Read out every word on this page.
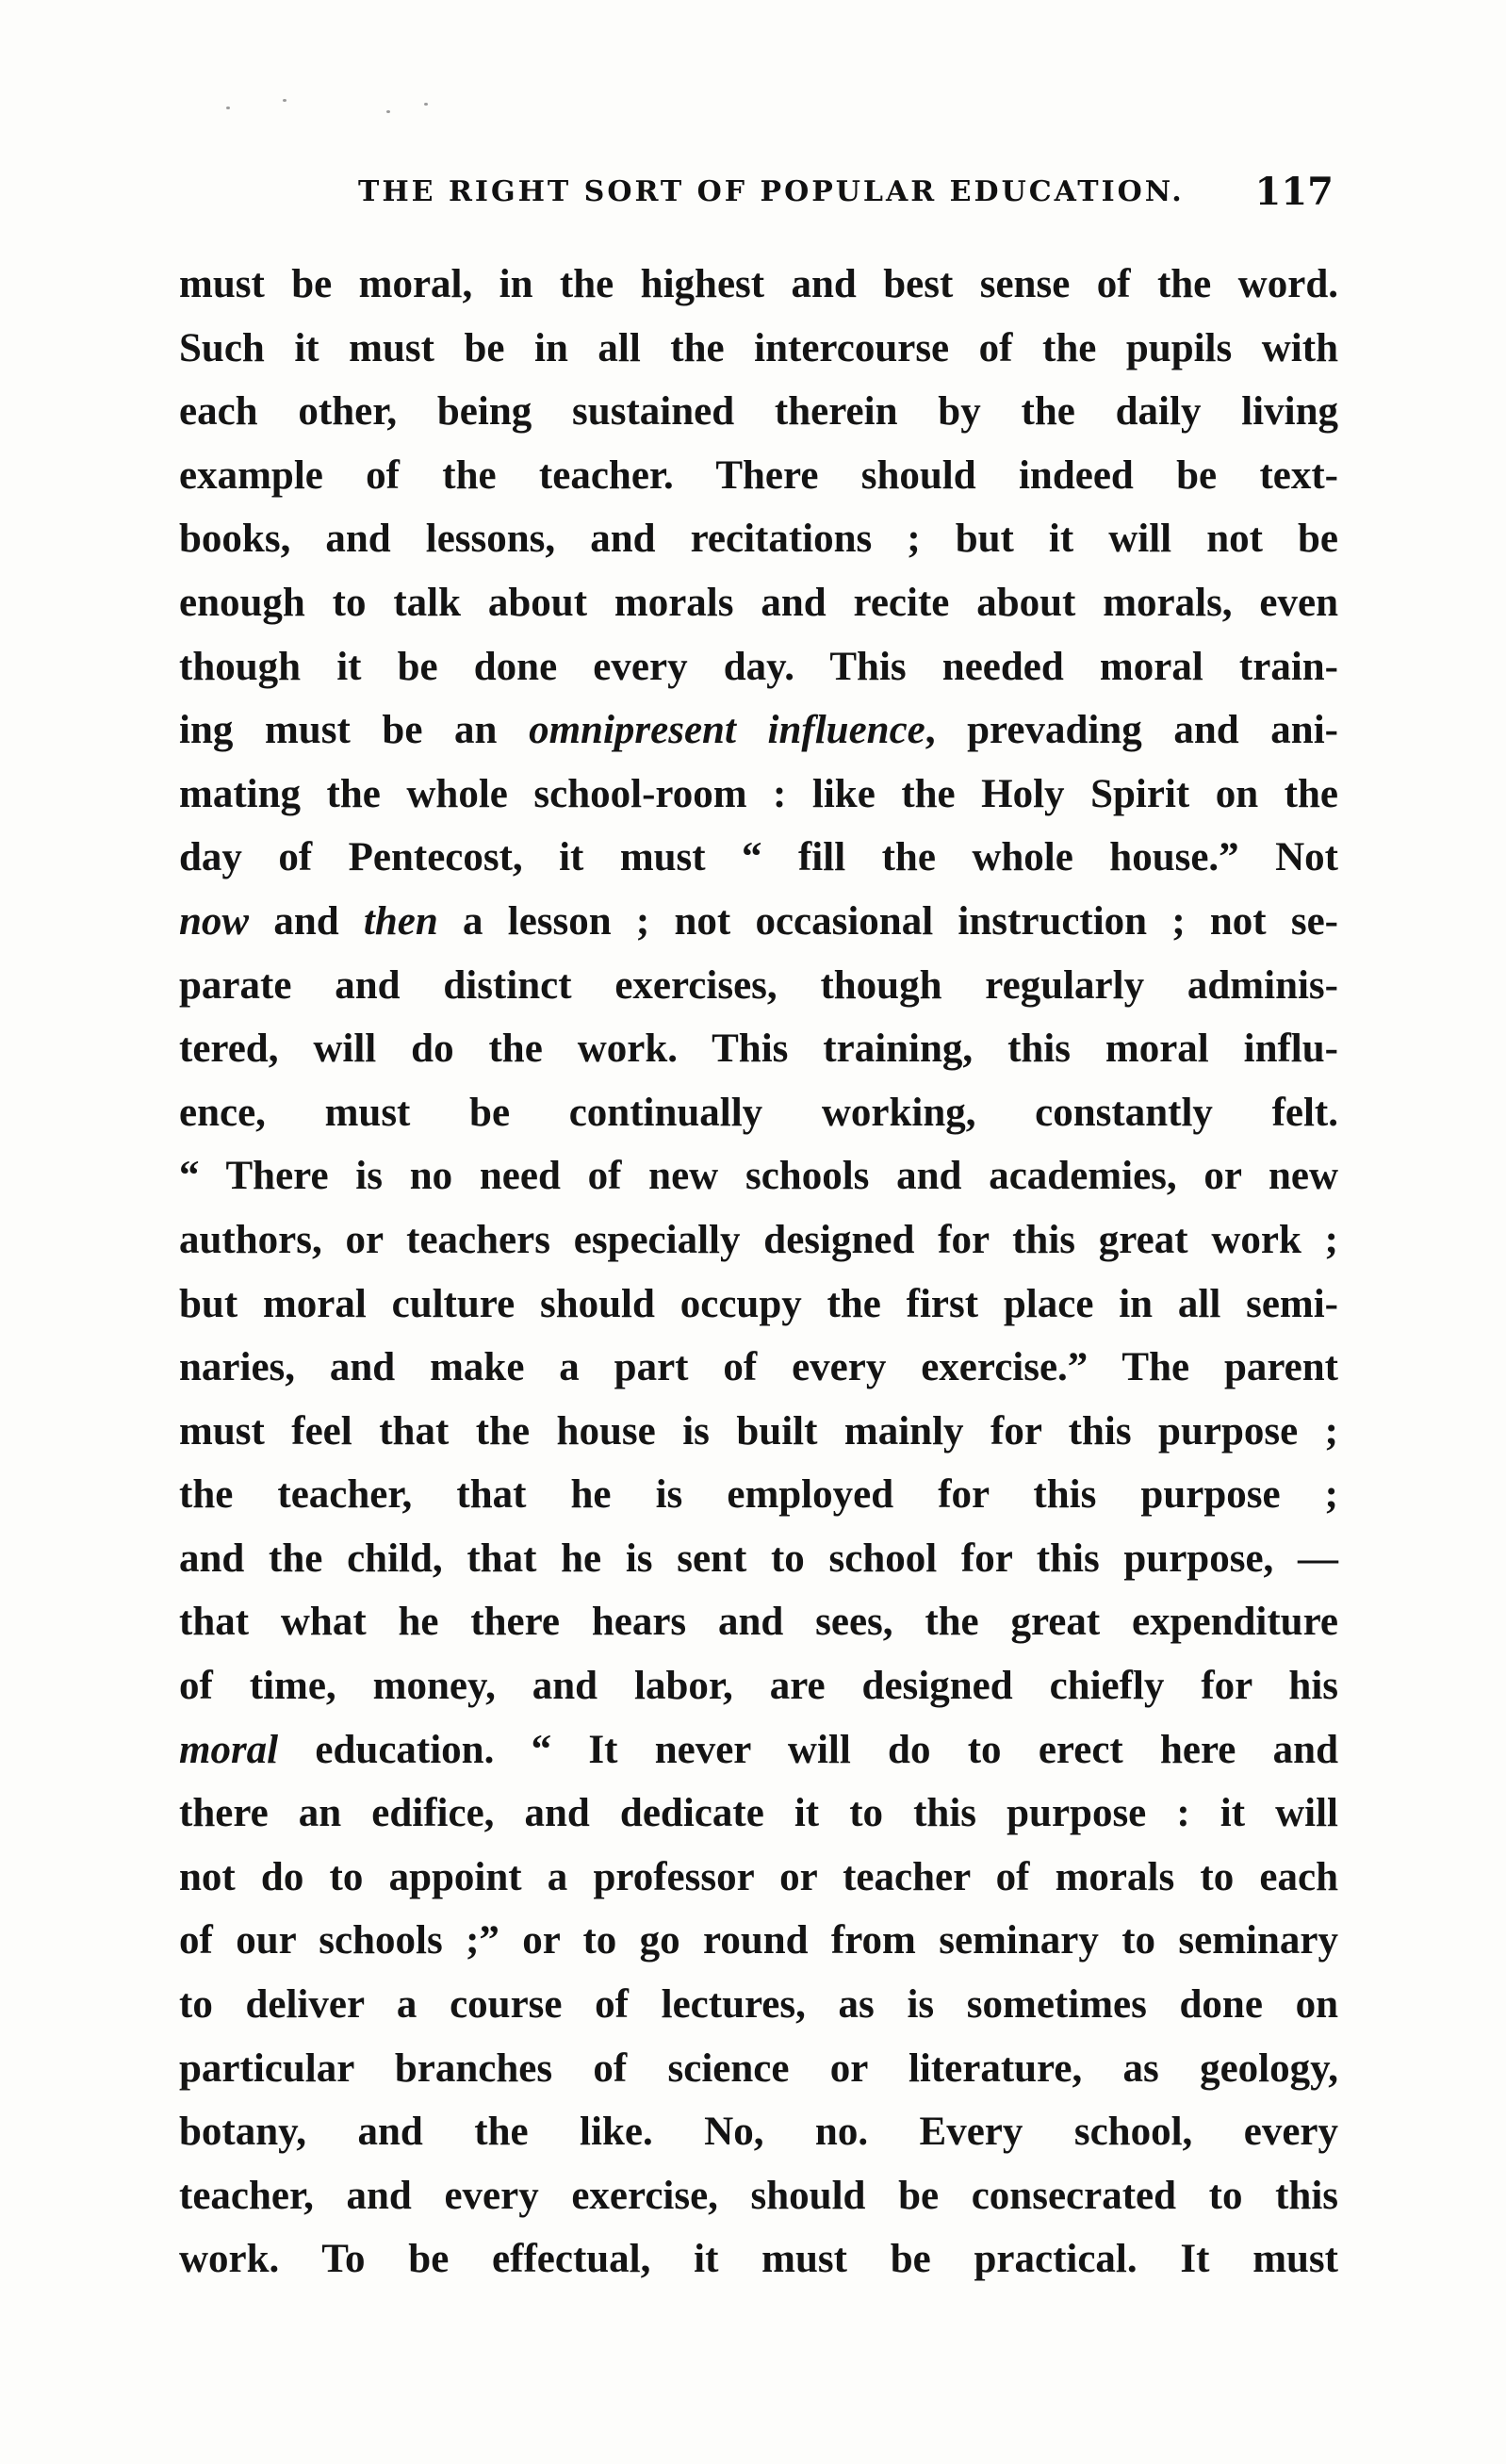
THE RIGHT SORT OF POPULAR EDUCATION. 117
must be moral, in the highest and best sense of the word.
Such it must be in all the intercourse of the pupils with
each other, being sustained therein by the daily living
example of the teacher. There should indeed be text-
books, and lessons, and recitations ; but it will not be
enough to talk about morals and recite about morals, even
though it be done every day. This needed moral train-
ing must be an omnipresent influence, prevading and ani-
mating the whole school-room : like the Holy Spirit on the
day of Pentecost, it must “ fill the whole house.” Not
now and then a lesson ; not occasional instruction ; not se-
parate and distinct exercises, though regularly adminis-
tered, will do the work. This training, this moral influ-
ence, must be continually working, constantly felt.
“ There is no need of new schools and academies, or new
authors, or teachers especially designed for this great work ;
but moral culture should occupy the first place in all semi-
naries, and make a part of every exercise.” The parent
must feel that the house is built mainly for this purpose ;
the teacher, that he is employed for this purpose ;
and the child, that he is sent to school for this purpose, —
that what he there hears and sees, the great expenditure
of time, money, and labor, are designed chiefly for his
moral education. “ It never will do to erect here and
there an edifice, and dedicate it to this purpose : it will
not do to appoint a professor or teacher of morals to each
of our schools ;” or to go round from seminary to seminary
to deliver a course of lectures, as is sometimes done on
particular branches of science or literature, as geology,
botany, and the like. No, no. Every school, every
teacher, and every exercise, should be consecrated to this
work. To be effectual, it must be practical. It must
